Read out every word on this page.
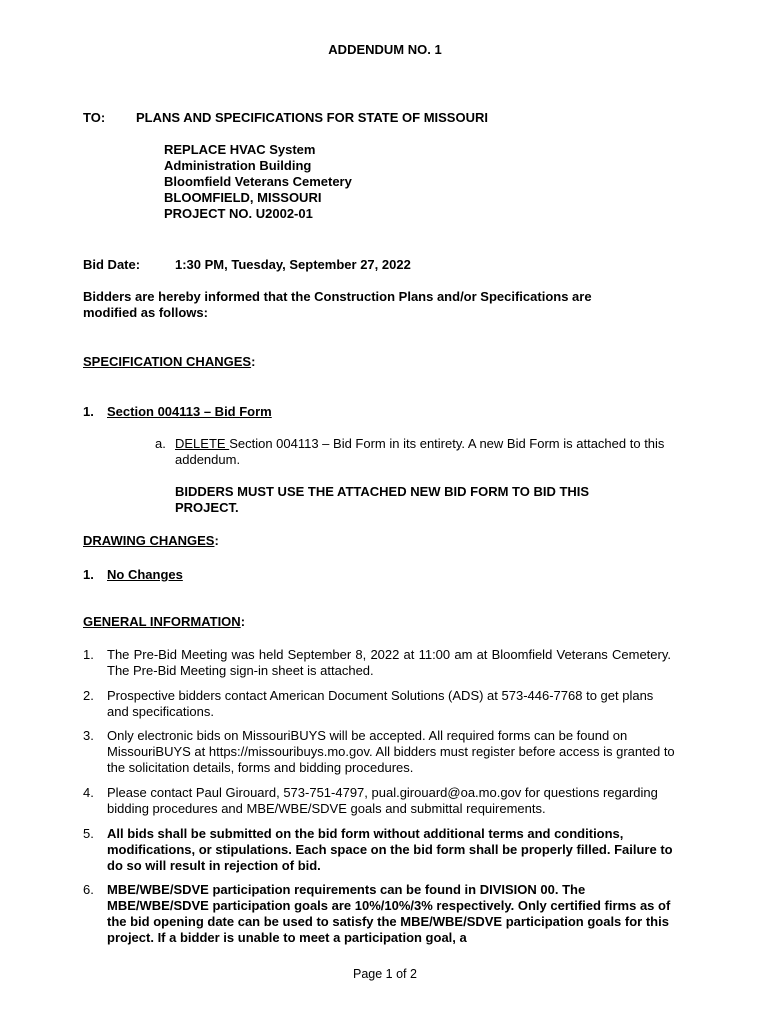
ADDENDUM NO. 1
TO: PLANS AND SPECIFICATIONS FOR STATE OF MISSOURI
REPLACE HVAC System
Administration Building
Bloomfield Veterans Cemetery
BLOOMFIELD, MISSOURI
PROJECT NO. U2002-01
Bid Date:	1:30 PM, Tuesday, September 27, 2022
Bidders are hereby informed that the Construction Plans and/or Specifications are modified as follows:
SPECIFICATION CHANGES:
1. Section 004113 – Bid Form
a. DELETE Section 004113 – Bid Form in its entirety. A new Bid Form is attached to this addendum.
BIDDERS MUST USE THE ATTACHED NEW BID FORM TO BID THIS PROJECT.
DRAWING CHANGES:
1. No Changes
GENERAL INFORMATION:
1. The Pre-Bid Meeting was held September 8, 2022 at 11:00 am at Bloomfield Veterans Cemetery. The Pre-Bid Meeting sign-in sheet is attached.
2. Prospective bidders contact American Document Solutions (ADS) at 573-446-7768 to get plans and specifications.
3. Only electronic bids on MissouriBUYS will be accepted. All required forms can be found on MissouriBUYS at https://missouribuys.mo.gov. All bidders must register before access is granted to the solicitation details, forms and bidding procedures.
4. Please contact Paul Girouard, 573-751-4797, pual.girouard@oa.mo.gov for questions regarding bidding procedures and MBE/WBE/SDVE goals and submittal requirements.
5. All bids shall be submitted on the bid form without additional terms and conditions, modifications, or stipulations. Each space on the bid form shall be properly filled. Failure to do so will result in rejection of bid.
6. MBE/WBE/SDVE participation requirements can be found in DIVISION 00. The MBE/WBE/SDVE participation goals are 10%/10%/3% respectively. Only certified firms as of the bid opening date can be used to satisfy the MBE/WBE/SDVE participation goals for this project. If a bidder is unable to meet a participation goal, a
Page 1 of 2
